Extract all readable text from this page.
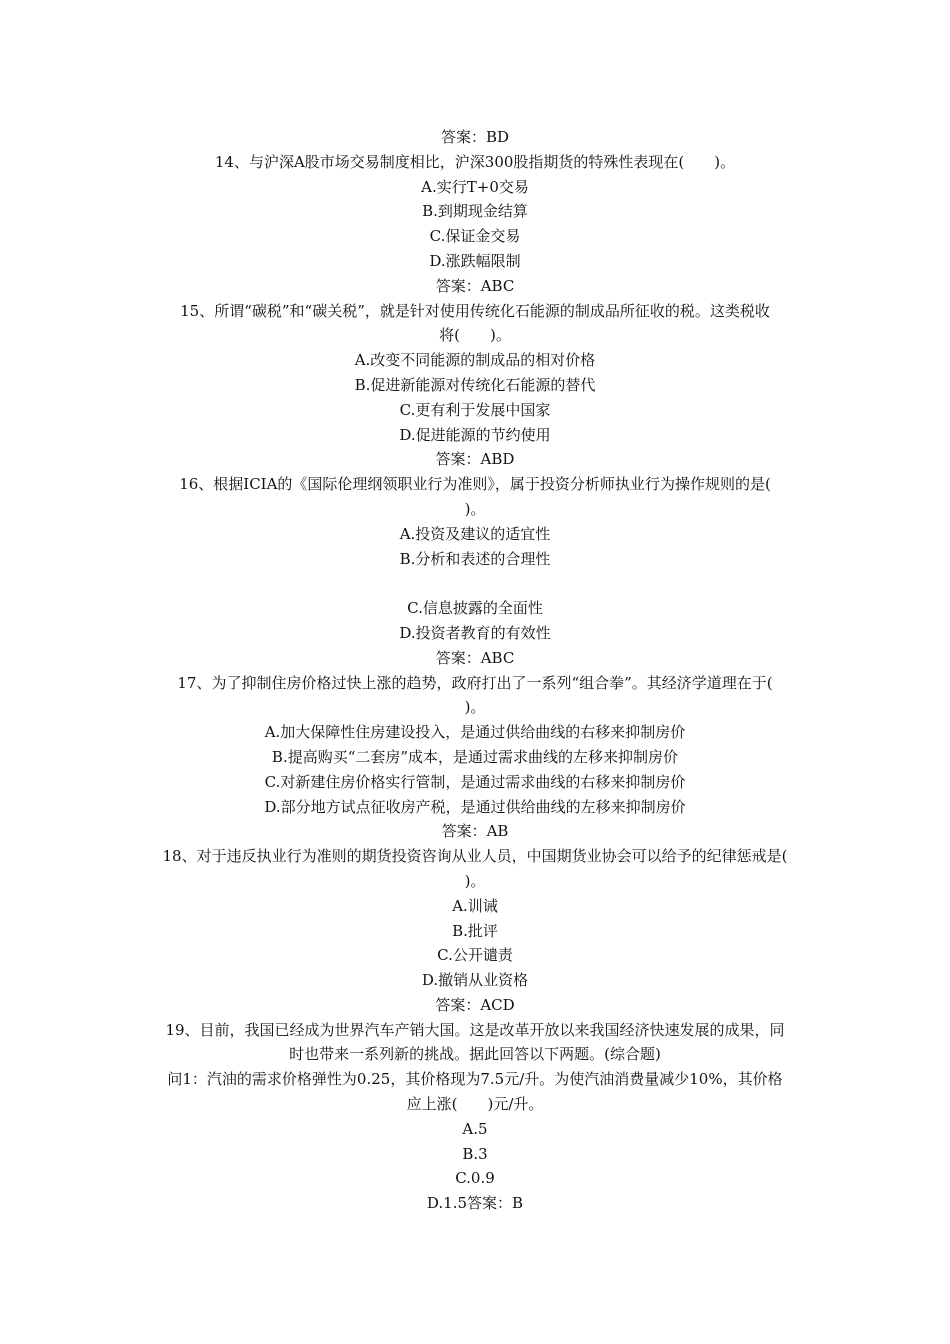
答案：BD
14、与沪深A股市场交易制度相比，沪深300股指期货的特殊性表现在(　　)。
A.实行T+0交易
B.到期现金结算
C.保证金交易
D.涨跌幅限制
答案：ABC
15、所谓“碳税”和“碳关税”，就是针对使用传统化石能源的制成品所征收的税。这类税收
将(　　)。
A.改变不同能源的制成品的相对价格
B.促进新能源对传统化石能源的替代
C.更有利于发展中国家
D.促进能源的节约使用
答案：ABD
16、根据ICIA的《国际伦理纲领职业行为准则》，属于投资分析师执业行为操作规则的是(
)。
A.投资及建议的适宜性
B.分析和表述的合理性
C.信息披露的全面性
D.投资者教育的有效性
答案：ABC
17、为了抑制住房价格过快上涨的趋势，政府打出了一系列“组合拳”。其经济学道理在于(
)。
A.加大保障性住房建设投入，是通过供给曲线的右移来抑制房价
B.提高购买“二套房”成本，是通过需求曲线的左移来抑制房价
C.对新建住房价格实行管制，是通过需求曲线的右移来抑制房价
D.部分地方试点征收房产税，是通过供给曲线的左移来抑制房价
答案：AB
18、对于违反执业行为准则的期货投资咨询从业人员，中国期货业协会可以给予的纪律惩戒是(
)。
A.训诫
B.批评
C.公开谴责
D.撤销从业资格
答案：ACD
19、目前，我国已经成为世界汽车产销大国。这是改革开放以来我国经济快速发展的成果，同
时也带来一系列新的挑战。据此回答以下两题。(综合题)
问1：汽油的需求价格弹性为0.25，其价格现为7.5元/升。为使汽油消费量减少10%，其价格
应上涨(　　)元/升。
A.5
B.3
C.0.9
D.1.5答案：B
